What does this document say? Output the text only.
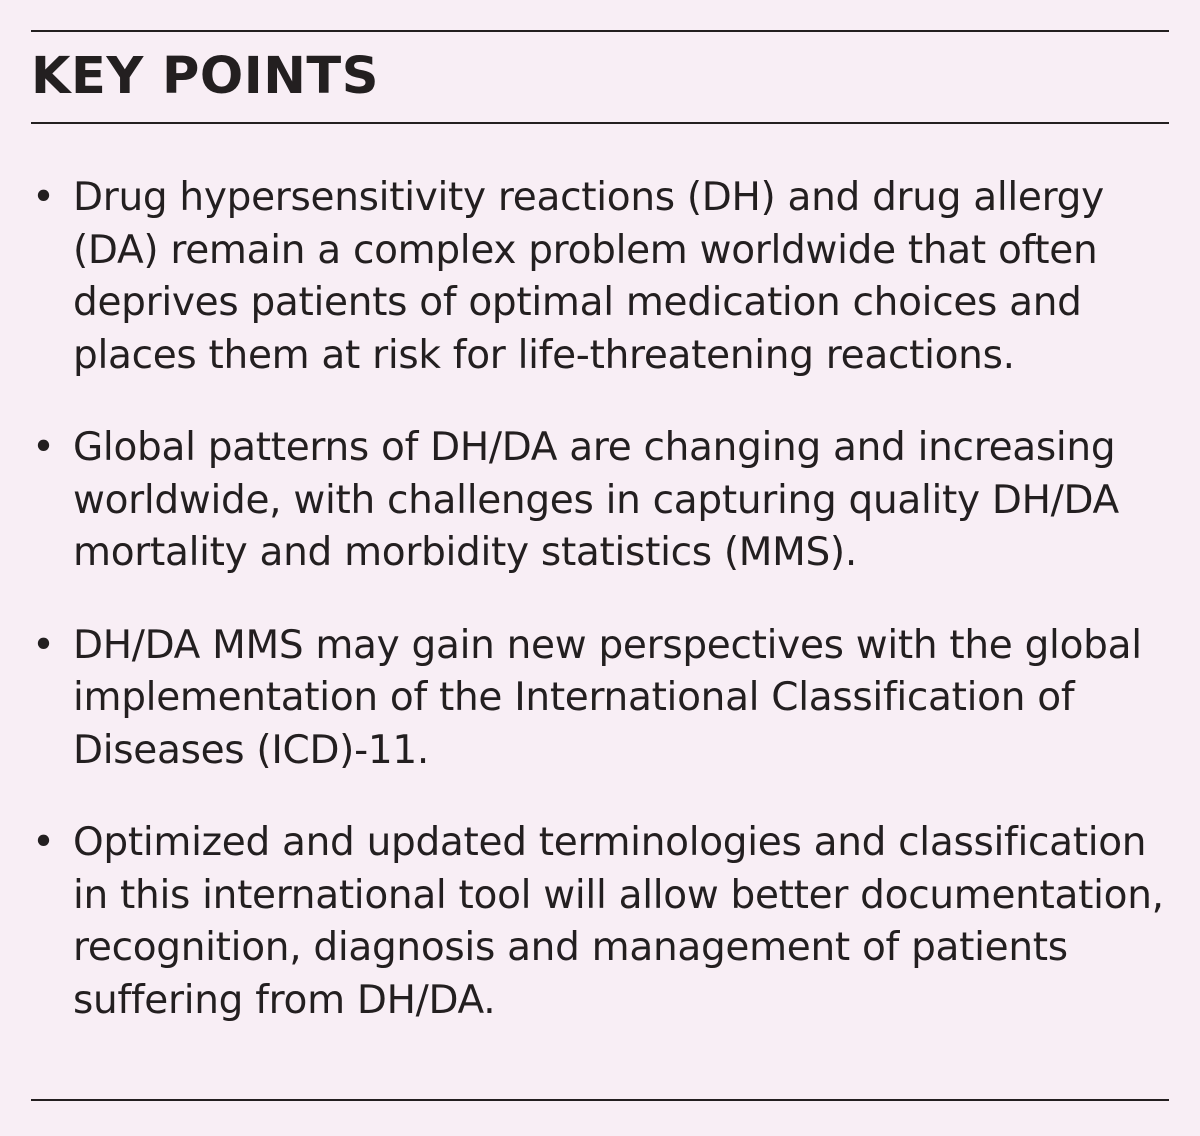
KEY POINTS
• Drug hypersensitivity reactions (DH) and drug allergy (DA) remain a complex problem worldwide that often deprives patients of optimal medication choices and places them at risk for life-threatening reactions.
• Global patterns of DH/DA are changing and increasing worldwide, with challenges in capturing quality DH/DA mortality and morbidity statistics (MMS).
• DH/DA MMS may gain new perspectives with the global implementation of the International Classification of Diseases (ICD)-11.
• Optimized and updated terminologies and classification in this international tool will allow better documentation, recognition, diagnosis and management of patients suffering from DH/DA.
